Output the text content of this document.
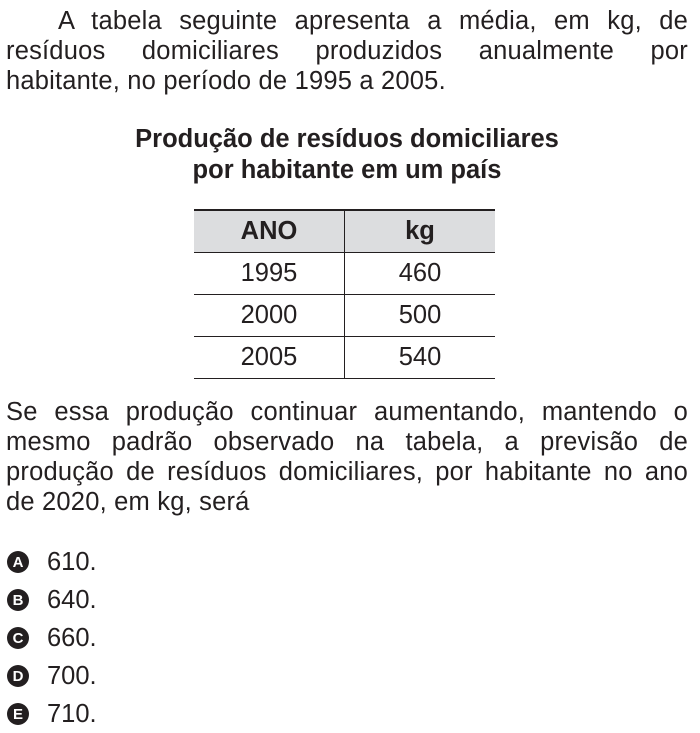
A tabela seguinte apresenta a média, em kg, de resíduos domiciliares produzidos anualmente por habitante, no período de 1995 a 2005.

Produção de resíduos domiciliares
por habitante em um país
ANO	kg
1995	460
2000	500
2005	540

Se essa produção continuar aumentando, mantendo o mesmo padrão observado na tabela, a previsão de produção de resíduos domiciliares, por habitante no ano de 2020, em kg, será

A 610.
B 640.
C 660.
D 700.
E 710.
